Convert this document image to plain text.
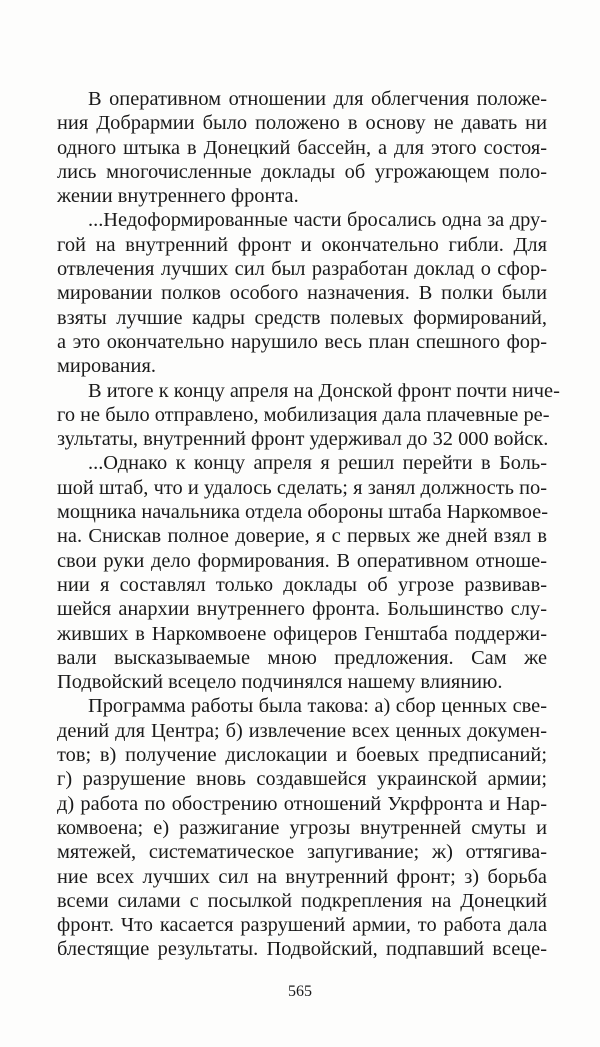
В оперативном отношении для облегчения положе-
ния Добрармии было положено в основу не давать ни
одного штыка в Донецкий бассейн, а для этого состоя-
лись многочисленные доклады об угрожающем поло-
жении внутреннего фронта.
...Недоформированные части бросались одна за дру-
гой на внутренний фронт и окончательно гибли. Для
отвлечения лучших сил был разработан доклад о сфор-
мировании полков особого назначения. В полки были
взяты лучшие кадры средств полевых формирований,
а это окончательно нарушило весь план спешного фор-
мирования.
В итоге к концу апреля на Донской фронт почти ниче-
го не было отправлено, мобилизация дала плачевные ре-
зультаты, внутренний фронт удерживал до 32 000 войск.
...Однако к концу апреля я решил перейти в Боль-
шой штаб, что и удалось сделать; я занял должность по-
мощника начальника отдела обороны штаба Наркомвое-
на. Снискав полное доверие, я с первых же дней взял в
свои руки дело формирования. В оперативном отноше-
нии я составлял только доклады об угрозе развивав-
шейся анархии внутреннего фронта. Большинство слу-
живших в Наркомвоене офицеров Генштаба поддержи-
вали высказываемые мною предложения. Сам же
Подвойский всецело подчинялся нашему влиянию.
Программа работы была такова: а) сбор ценных све-
дений для Центра; б) извлечение всех ценных докумен-
тов; в) получение дислокации и боевых предписаний;
г) разрушение вновь создавшейся украинской армии;
д) работа по обострению отношений Укрфронта и Нар-
комвоена; е) разжигание угрозы внутренней смуты и
мятежей, систематическое запугивание; ж) оттягива-
ние всех лучших сил на внутренний фронт; з) борьба
всеми силами с посылкой подкрепления на Донецкий
фронт. Что касается разрушений армии, то работа дала
блестящие результаты. Подвойский, подпавший всеце-
565
